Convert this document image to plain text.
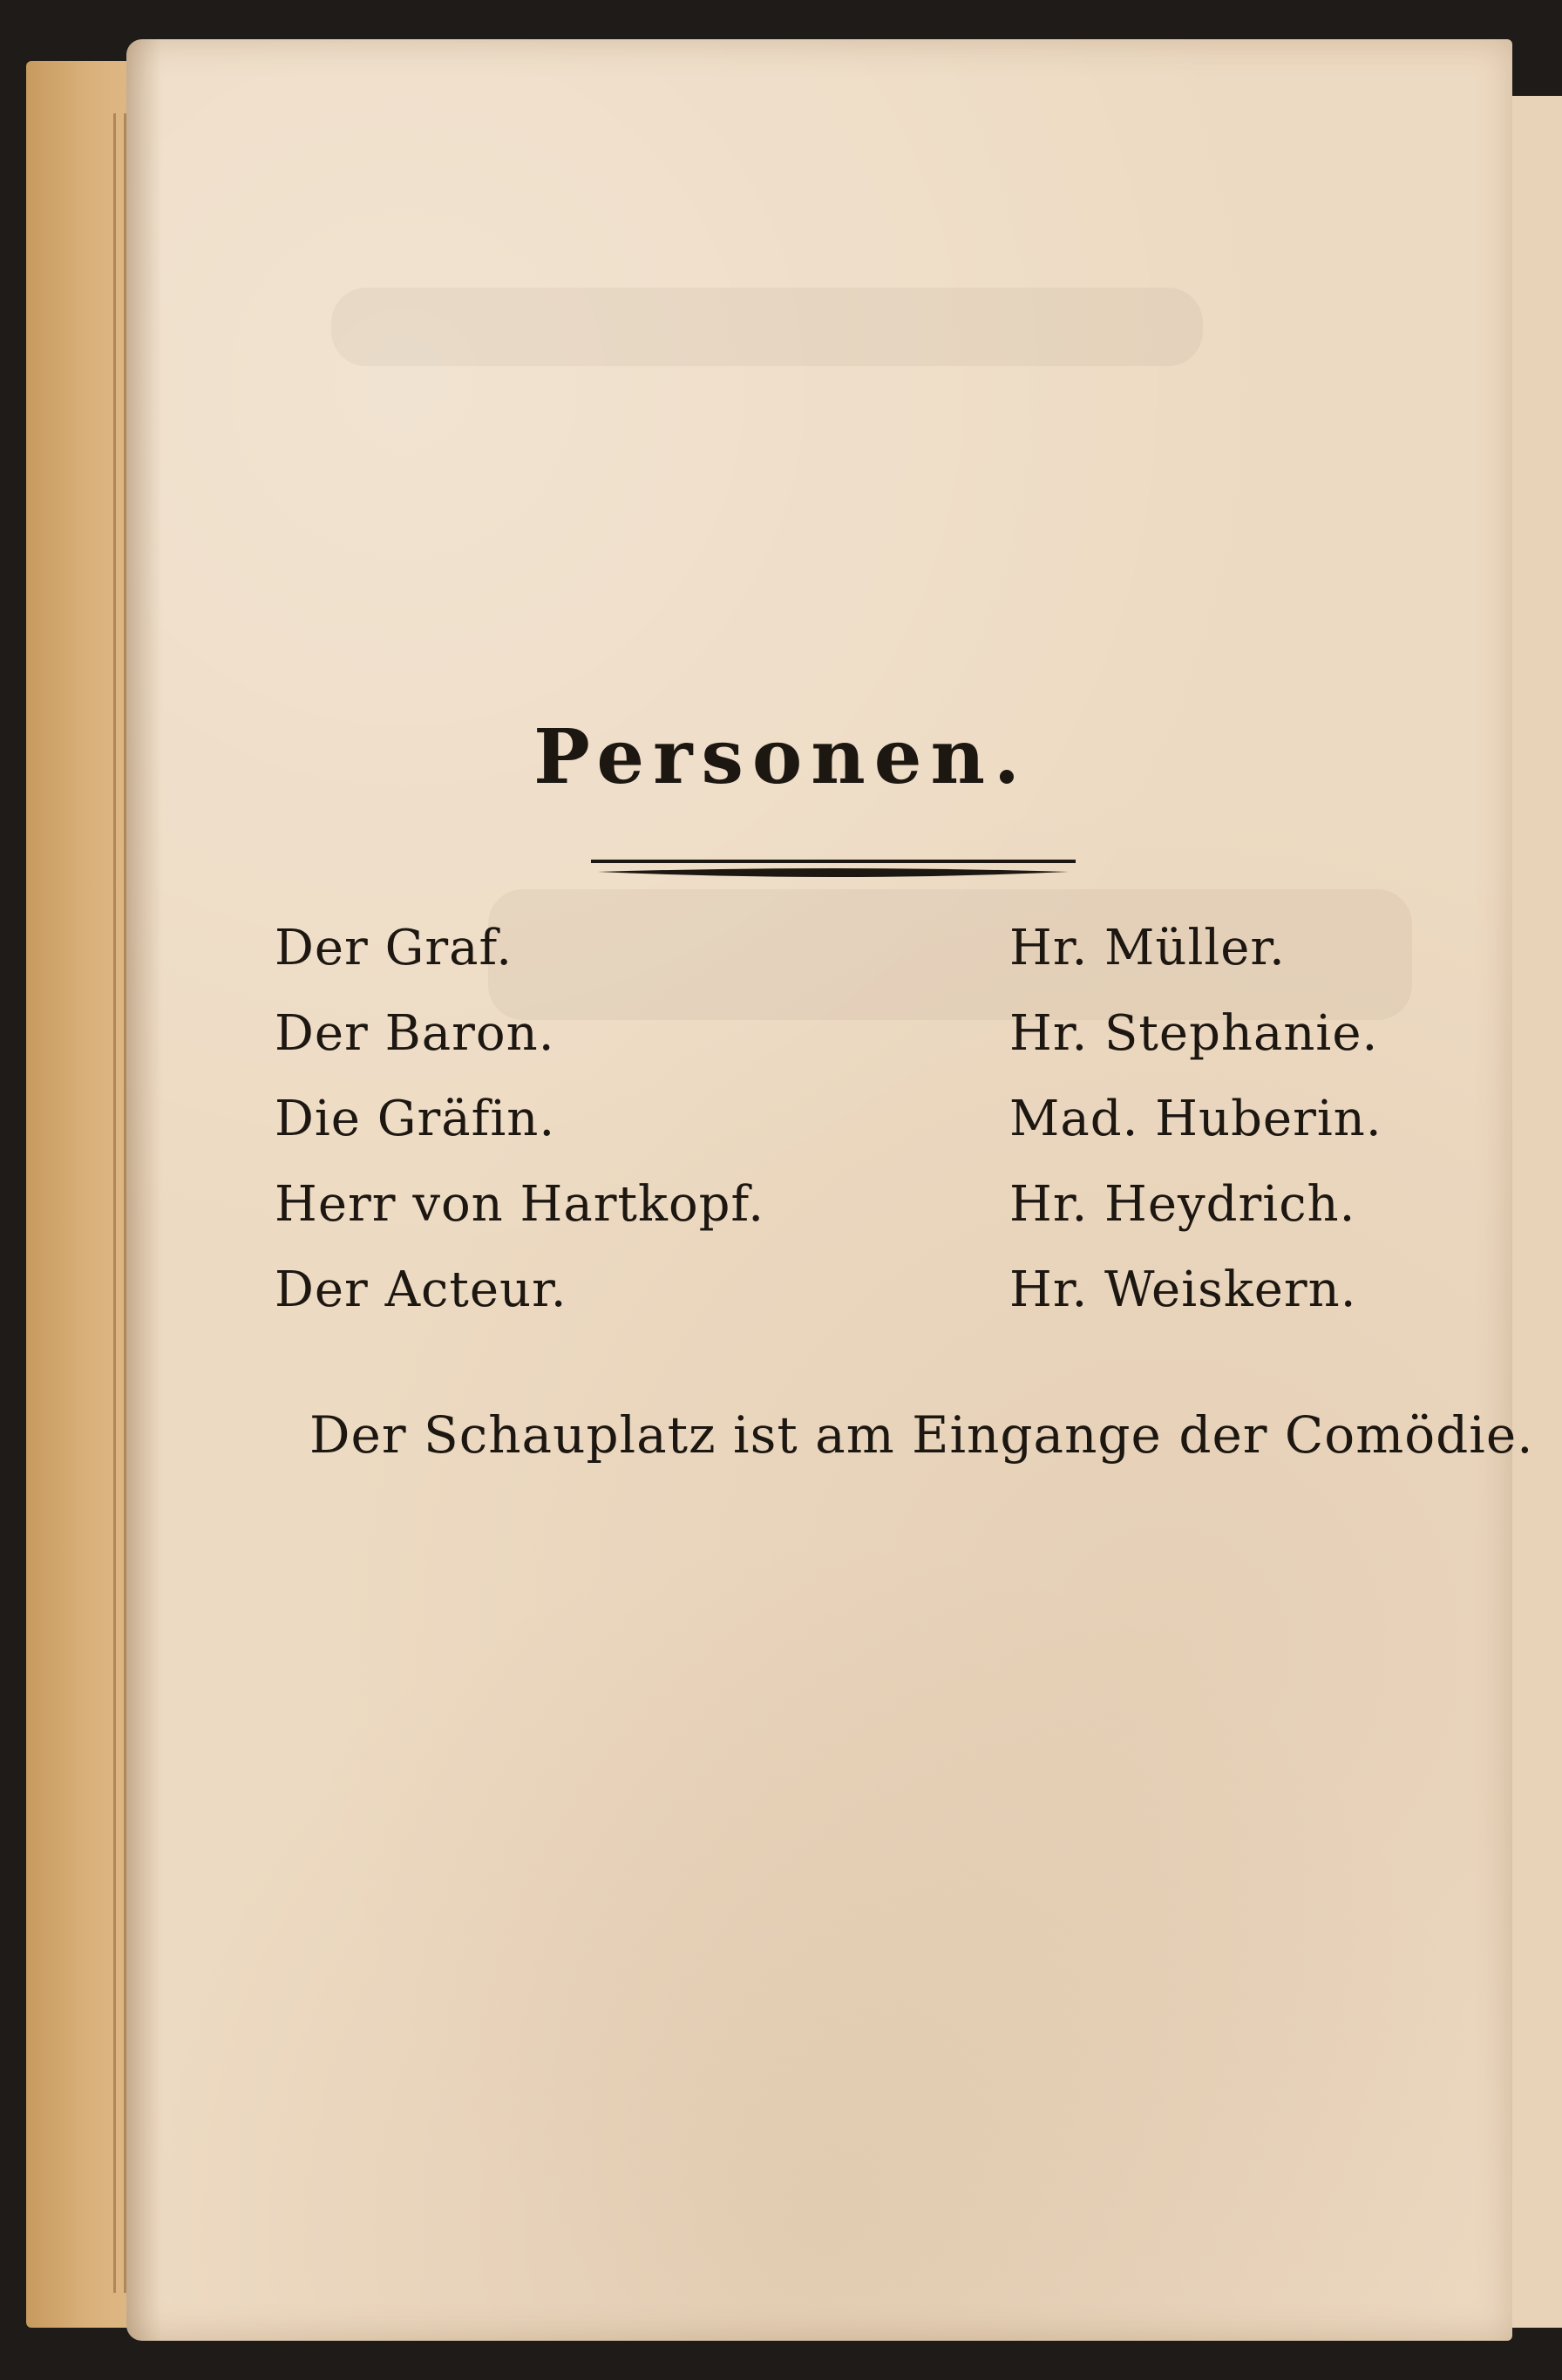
Personen.
Der Graf.	Hr. Müller.
Der Baron.	Hr. Stephanie.
Die Gräfin.	Mad. Huberin.
Herr von Hartkopf.	Hr. Heydrich.
Der Acteur.	Hr. Weiskern.
Der Schauplatz ist am Eingange der Comödie.
